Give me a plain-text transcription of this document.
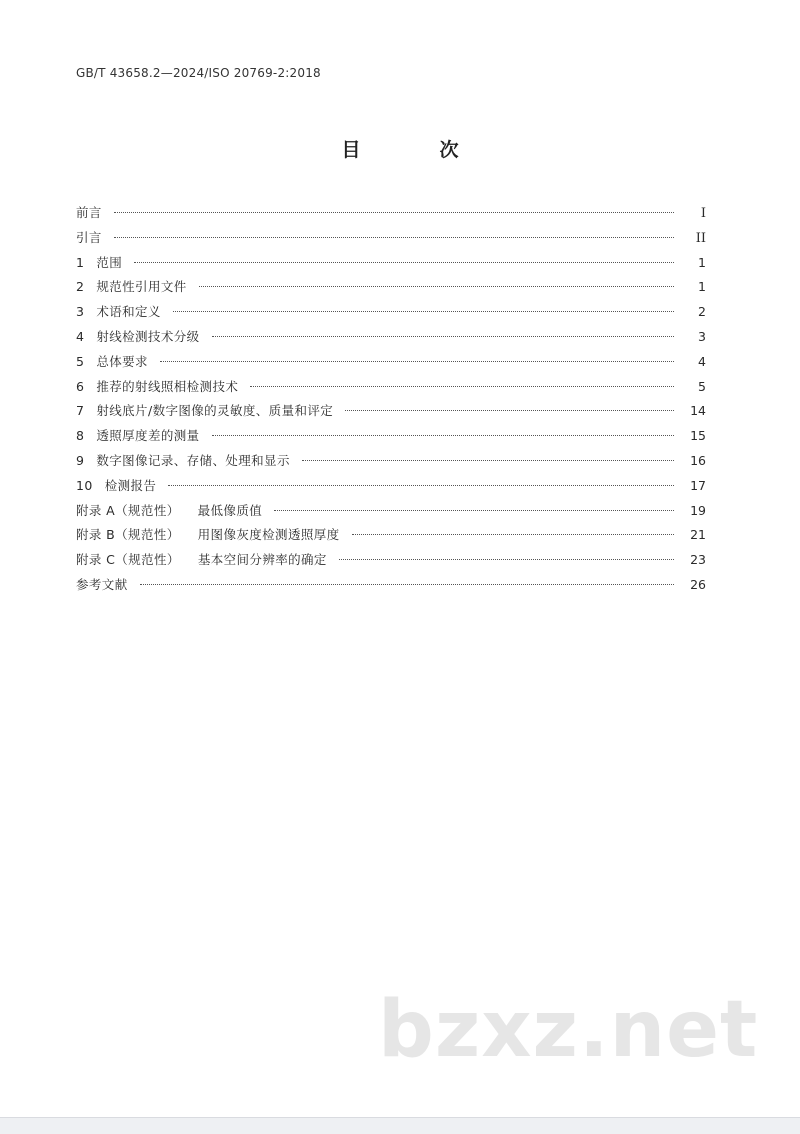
GB/T 43658.2—2024/ISO 20769-2:2018
目　次
前言	I
引言	II
1 范围	1
2 规范性引用文件	1
3 术语和定义	2
4 射线检测技术分级	3
5 总体要求	4
6 推荐的射线照相检测技术	5
7 射线底片/数字图像的灵敏度、质量和评定	14
8 透照厚度差的测量	15
9 数字图像记录、存储、处理和显示	16
10 检测报告	17
附录 A（规范性） 最低像质值	19
附录 B（规范性） 用图像灰度检测透照厚度	21
附录 C（规范性） 基本空间分辨率的确定	23
参考文献	26
bzxz.net
